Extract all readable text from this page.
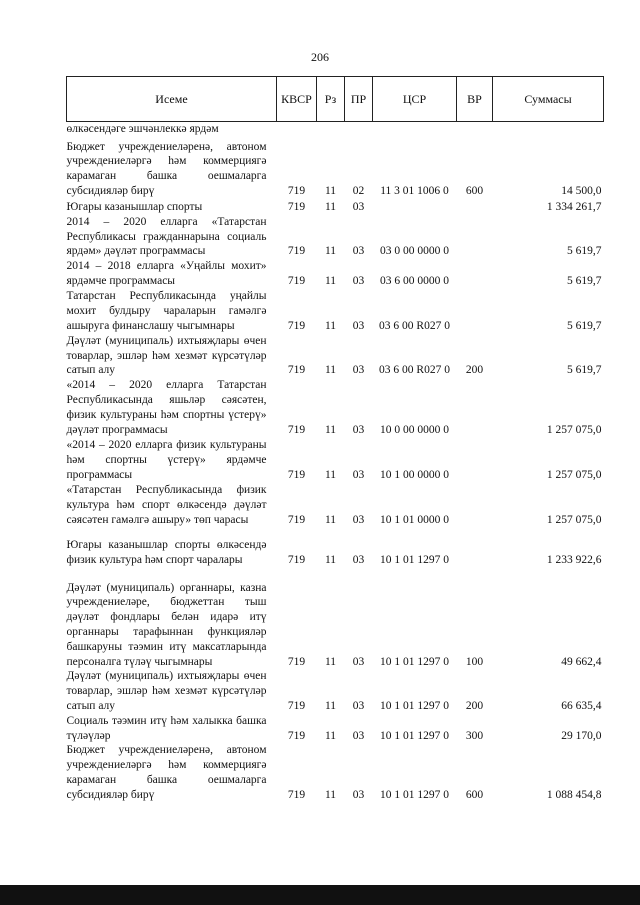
206
Исеме	КВСР	Рз	ПР	ЦСР	ВР	Суммасы
өлкәсендәге эшчәнлеккә ярдәм						
Бюджет учреждениеләренә, автоном учреждениеләргә һәм коммерциягә карамаган башка оешмаларга субсидияләр бирү	719	11	02	11 3 01 1006 0	600	14 500,0
Югары казанышлар спорты	719	11	03			1 334 261,7
2014 – 2020 елларга «Татарстан Республикасы гражданнарына социаль ярдәм» дәүләт программасы	719	11	03	03 0 00 0000 0		5 619,7
2014 – 2018 елларга «Уңайлы мохит» ярдәмче программасы	719	11	03	03 6 00 0000 0		5 619,7
Татарстан Республикасында уңайлы мохит булдыру чараларын гамәлгә ашыруга финанслашу чыгымнары	719	11	03	03 6 00 R027 0		5 619,7
Дәүләт (муниципаль) ихтыяҗлары өчен товарлар, эшләр һәм хезмәт күрсәтүләр сатып алу	719	11	03	03 6 00 R027 0	200	5 619,7
«2014 – 2020 елларга Татарстан Республикасында яшьләр сәясәтен, физик культураны һәм спортны үстерү» дәүләт программасы	719	11	03	10 0 00 0000 0		1 257 075,0
«2014 – 2020 елларга физик культураны һәм спортны үстерү» ярдәмче программасы	719	11	03	10 1 00 0000 0		1 257 075,0
«Татарстан Республикасында физик культура һәм спорт өлкәсендә дәүләт сәясәтен гамәлгә ашыру» төп чарасы	719	11	03	10 1 01 0000 0		1 257 075,0
Югары казанышлар спорты өлкәсендә физик культура һәм спорт чаралары	719	11	03	10 1 01 1297 0		1 233 922,6
Дәүләт (муниципаль) органнары, казна учреждениеләре, бюджеттан тыш дәүләт фондлары белән идарә итү органнары тарафыннан функцияләр башкаруны тәэмин итү максатларында персоналга түләү чыгымнары	719	11	03	10 1 01 1297 0	100	49 662,4
Дәүләт (муниципаль) ихтыяҗлары өчен товарлар, эшләр һәм хезмәт күрсәтүләр сатып алу	719	11	03	10 1 01 1297 0	200	66 635,4
Социаль тәэмин итү һәм халыкка башка түләүләр	719	11	03	10 1 01 1297 0	300	29 170,0
Бюджет учреждениеләренә, автоном учреждениеләргә һәм коммерциягә карамаган башка оешмаларга субсидияләр бирү	719	11	03	10 1 01 1297 0	600	1 088 454,8
